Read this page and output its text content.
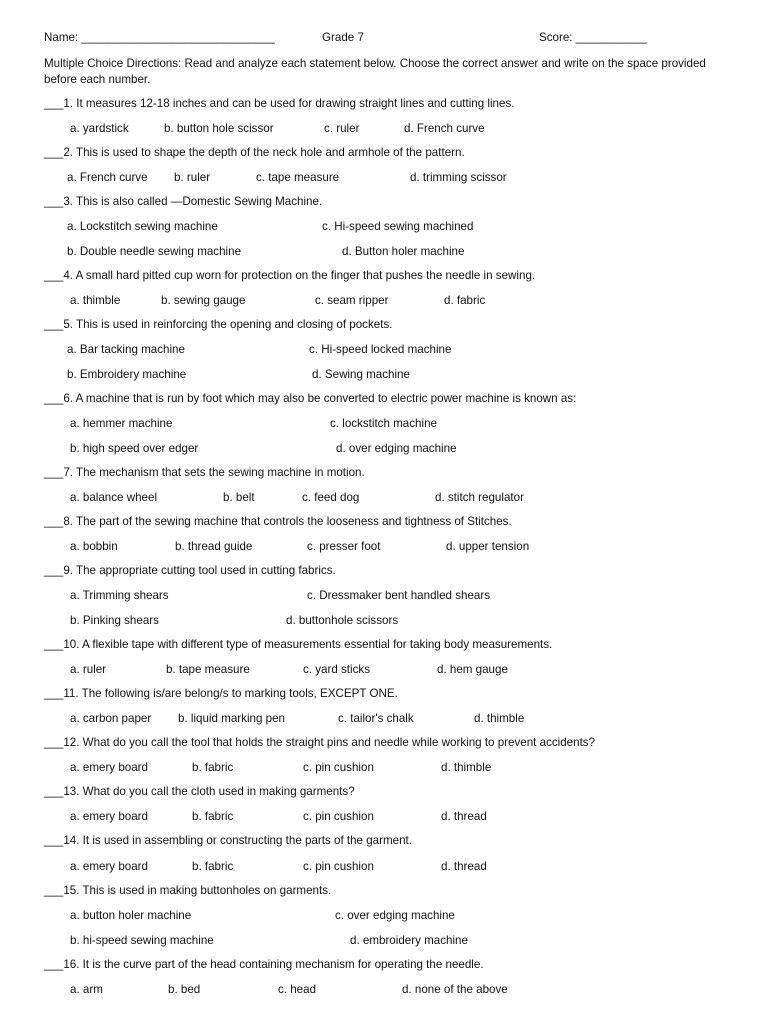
Name: ______________________________	Grade 7	Score: ___________
Multiple Choice Directions: Read and analyze each statement below. Choose the correct answer and write on the space provided before each number.
___1. It measures 12-18 inches and can be used for drawing straight lines and cutting lines.
a. yardstick	b. button hole scissor	c. ruler	d. French curve
___2. This is used to shape the depth of the neck hole and armhole of the pattern.
a. French curve b. ruler	c. tape measure	d. trimming scissor
___3. This is also called —Domestic Sewing Machine.
a. Lockstitch sewing machine	c. Hi-speed sewing machined
b. Double needle sewing machine	d. Button holer machine
___4. A small hard pitted cup worn for protection on the finger that pushes the needle in sewing.
a. thimble	b. sewing gauge	c. seam ripper	d. fabric
___5. This is used in reinforcing the opening and closing of pockets.
a. Bar tacking machine	c. Hi-speed locked machine
b. Embroidery machine	d. Sewing machine
___6. A machine that is run by foot which may also be converted to electric power machine is known as:
a. hemmer machine	c. lockstitch machine
b. high speed over edger	d. over edging machine
___7. The mechanism that sets the sewing machine in motion.
a. balance wheel	b. belt	c. feed dog	d. stitch regulator
___8. The part of the sewing machine that controls the looseness and tightness of Stitches.
a. bobbin	b. thread guide	c. presser foot	d. upper tension
___9. The appropriate cutting tool used in cutting fabrics.
a. Trimming shears	c. Dressmaker bent handled shears
b. Pinking shears	d. buttonhole scissors
___10. A flexible tape with different type of measurements essential for taking body measurements.
a. ruler	b. tape measure	c. yard sticks	d. hem gauge
___11. The following is/are belong/s to marking tools, EXCEPT ONE.
a. carbon paper b. liquid marking pen	c. tailor's chalk	d. thimble
___12. What do you call the tool that holds the straight pins and needle while working to prevent accidents?
a. emery board	b. fabric	c. pin cushion	d. thimble
___13. What do you call the cloth used in making garments?
a. emery board	b. fabric	c. pin cushion	d. thread
___14. It is used in assembling or constructing the parts of the garment.
a. emery board	b. fabric	c. pin cushion	d. thread
___15. This is used in making buttonholes on garments.
a. button holer machine	c. over edging machine
b. hi-speed sewing machine	d. embroidery machine
___16. It is the curve part of the head containing mechanism for operating the needle.
a. arm	b. bed	c. head	d. none of the above
